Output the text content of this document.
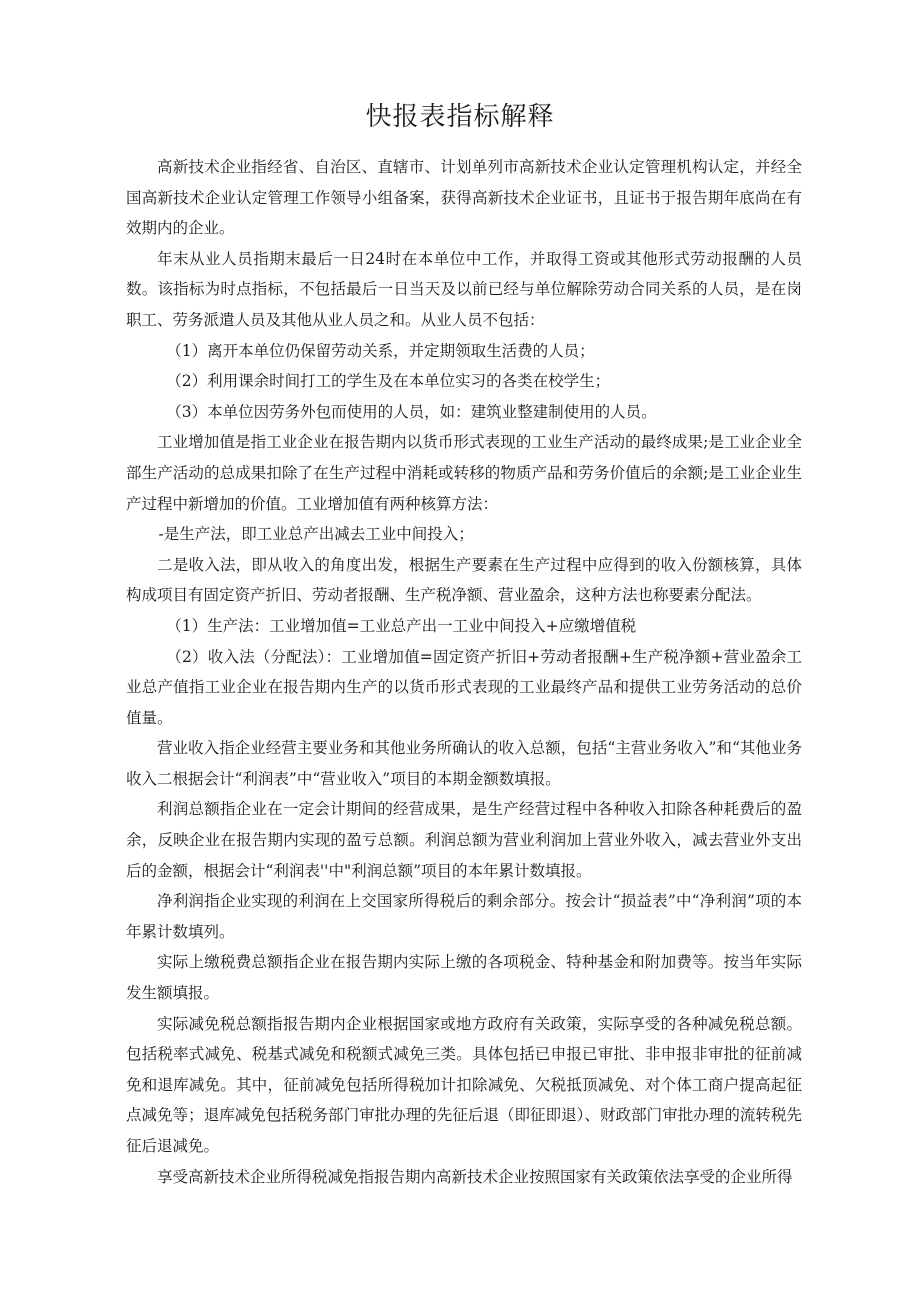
快报表指标解释

高新技术企业指经省、自治区、直辖市、计划单列市高新技术企业认定管理机构认定，并经全国高新技术企业认定管理工作领导小组备案，获得高新技术企业证书，且证书于报告期年底尚在有效期内的企业。

年末从业人员指期末最后一日24时在本单位中工作，并取得工资或其他形式劳动报酬的人员数。该指标为时点指标，不包括最后一日当天及以前已经与单位解除劳动合同关系的人员，是在岗职工、劳务派遣人员及其他从业人员之和。从业人员不包括：

（1）离开本单位仍保留劳动关系，并定期领取生活费的人员；

（2）利用课余时间打工的学生及在本单位实习的各类在校学生；

（3）本单位因劳务外包而使用的人员，如：建筑业整建制使用的人员。

工业增加值是指工业企业在报告期内以货币形式表现的工业生产活动的最终成果;是工业企业全部生产活动的总成果扣除了在生产过程中消耗或转移的物质产品和劳务价值后的余额;是工业企业生产过程中新增加的价值。工业增加值有两种核算方法：

-是生产法，即工业总产出减去工业中间投入；

二是收入法，即从收入的角度出发，根据生产要素在生产过程中应得到的收入份额核算，具体构成项目有固定资产折旧、劳动者报酬、生产税净额、营业盈余，这种方法也称要素分配法。

（1）生产法：工业增加值=工业总产出一工业中间投入+应缴增值税

（2）收入法（分配法）：工业增加值=固定资产折旧+劳动者报酬+生产税净额+营业盈余工业总产值指工业企业在报告期内生产的以货币形式表现的工业最终产品和提供工业劳务活动的总价值量。

营业收入指企业经营主要业务和其他业务所确认的收入总额，包括“主营业务收入”和“其他业务收入二根据会计“利润表”中“营业收入”项目的本期金额数填报。

利润总额指企业在一定会计期间的经营成果，是生产经营过程中各种收入扣除各种耗费后的盈余，反映企业在报告期内实现的盈亏总额。利润总额为营业利润加上营业外收入，减去营业外支出后的金额，根据会计“利润表''中"利润总额”项目的本年累计数填报。

净利润指企业实现的利润在上交国家所得税后的剩余部分。按会计“损益表”中“净利润”项的本年累计数填列。

实际上缴税费总额指企业在报告期内实际上缴的各项税金、特种基金和附加费等。按当年实际发生额填报。

实际减免税总额指报告期内企业根据国家或地方政府有关政策，实际享受的各种减免税总额。包括税率式减免、税基式减免和税额式减免三类。具体包括已申报已审批、非申报非审批的征前减免和退库减免。其中，征前减免包括所得税加计扣除减免、欠税抵顶减免、对个体工商户提高起征点减免等；退库减免包括税务部门审批办理的先征后退（即征即退）、财政部门审批办理的流转税先征后退减免。

享受高新技术企业所得税减免指报告期内高新技术企业按照国家有关政策依法享受的企业所得
